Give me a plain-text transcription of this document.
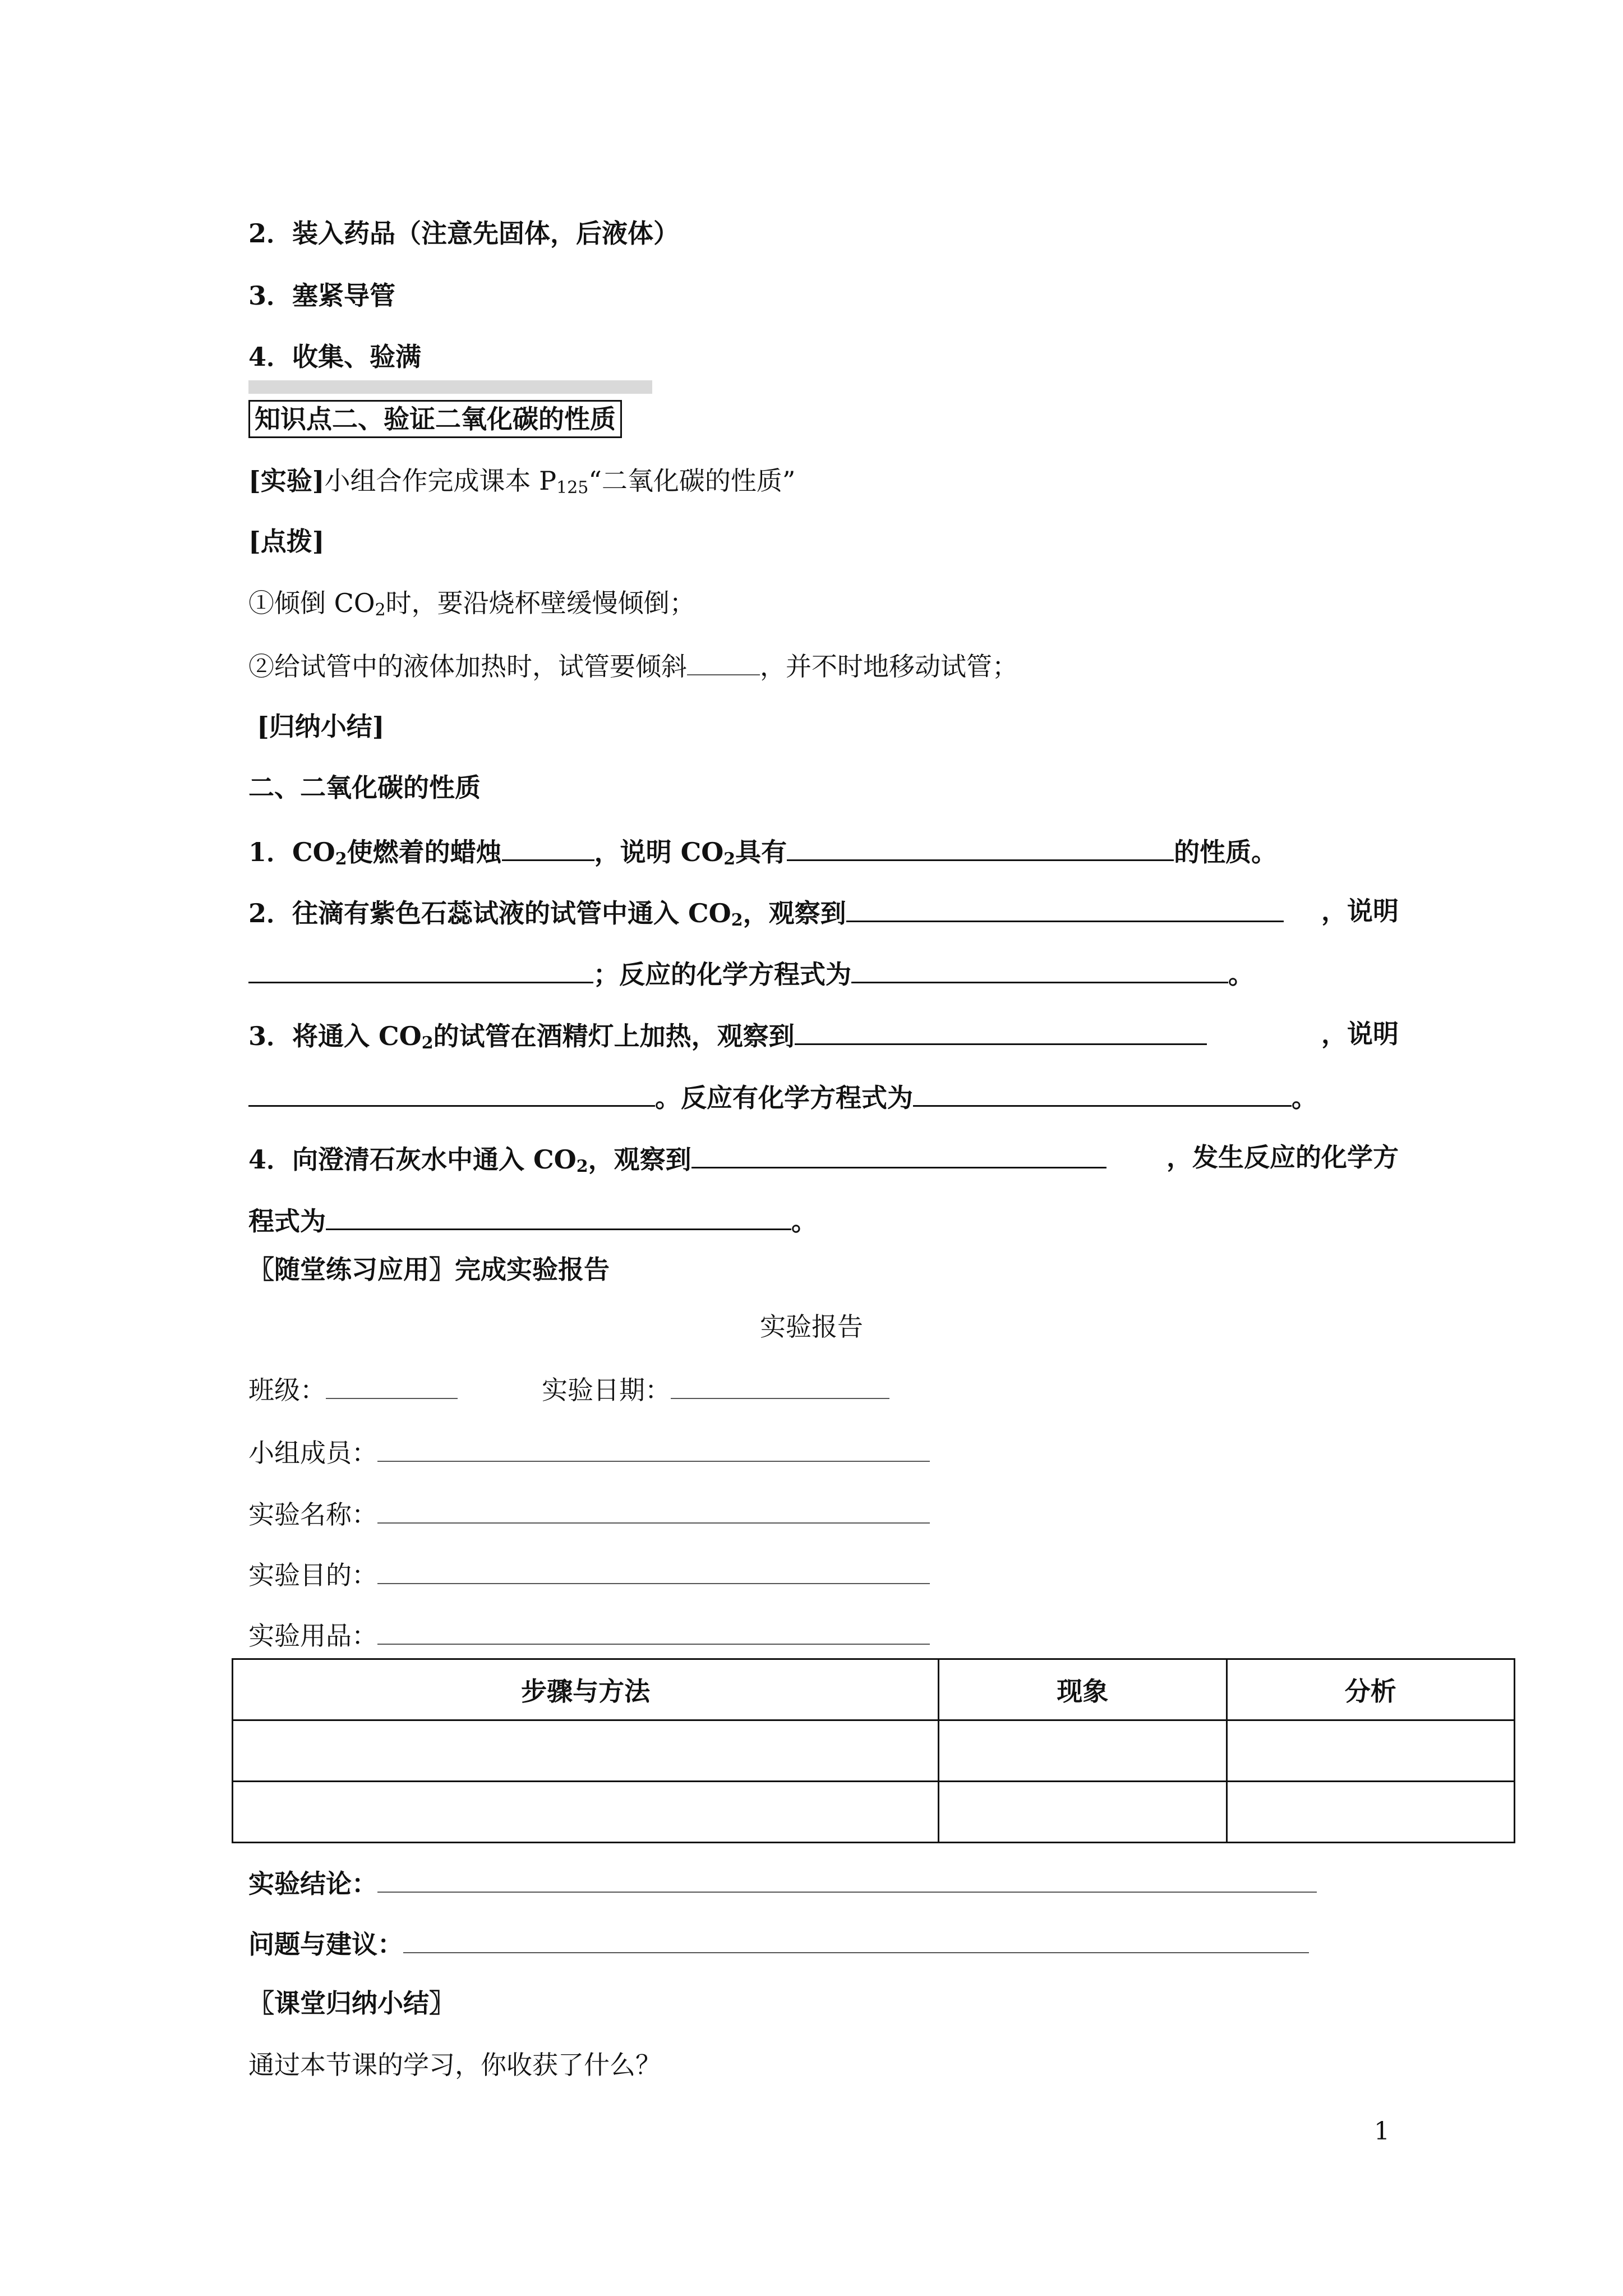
2．装入药品（注意先固体，后液体）
3．塞紧导管
4．收集、验满
知识点二、验证二氧化碳的性质
[实验]小组合作完成课本 $P_{125}“$二氧化碳的性质”
[点拨]
①倾倒 $CO_2$时，要沿烧杯壁缓慢倾倒；
②给试管中的液体加热时，试管要倾斜	，并不时地移动试管；
[归纳小结]
二、二氧化碳的性质
1．$CO_2$使燃着的蜡烛	，说明 $CO_2$具有	的性质。
2．往滴有紫色石蕊试液的试管中通入 $CO_2$，观察到	，说明
；反应的化学方程式为	。
3．将通入 $CO_2$的试管在酒精灯上加热，观察到	，说明
。反应有化学方程式为	。
4．向澄清石灰水中通入 $CO_2$，观察到	，发生反应的化学方
程式为	。
〖随堂练习应用〗完成实验报告
实验报告
班级：	实验日期：
小组成员：
实验名称：
实验目的：
实验用品：
步骤与方法	现象	分析

实验结论：
问题与建议：
〖课堂归纳小结〗
通过本节课的学习，你收获了什么？
1
